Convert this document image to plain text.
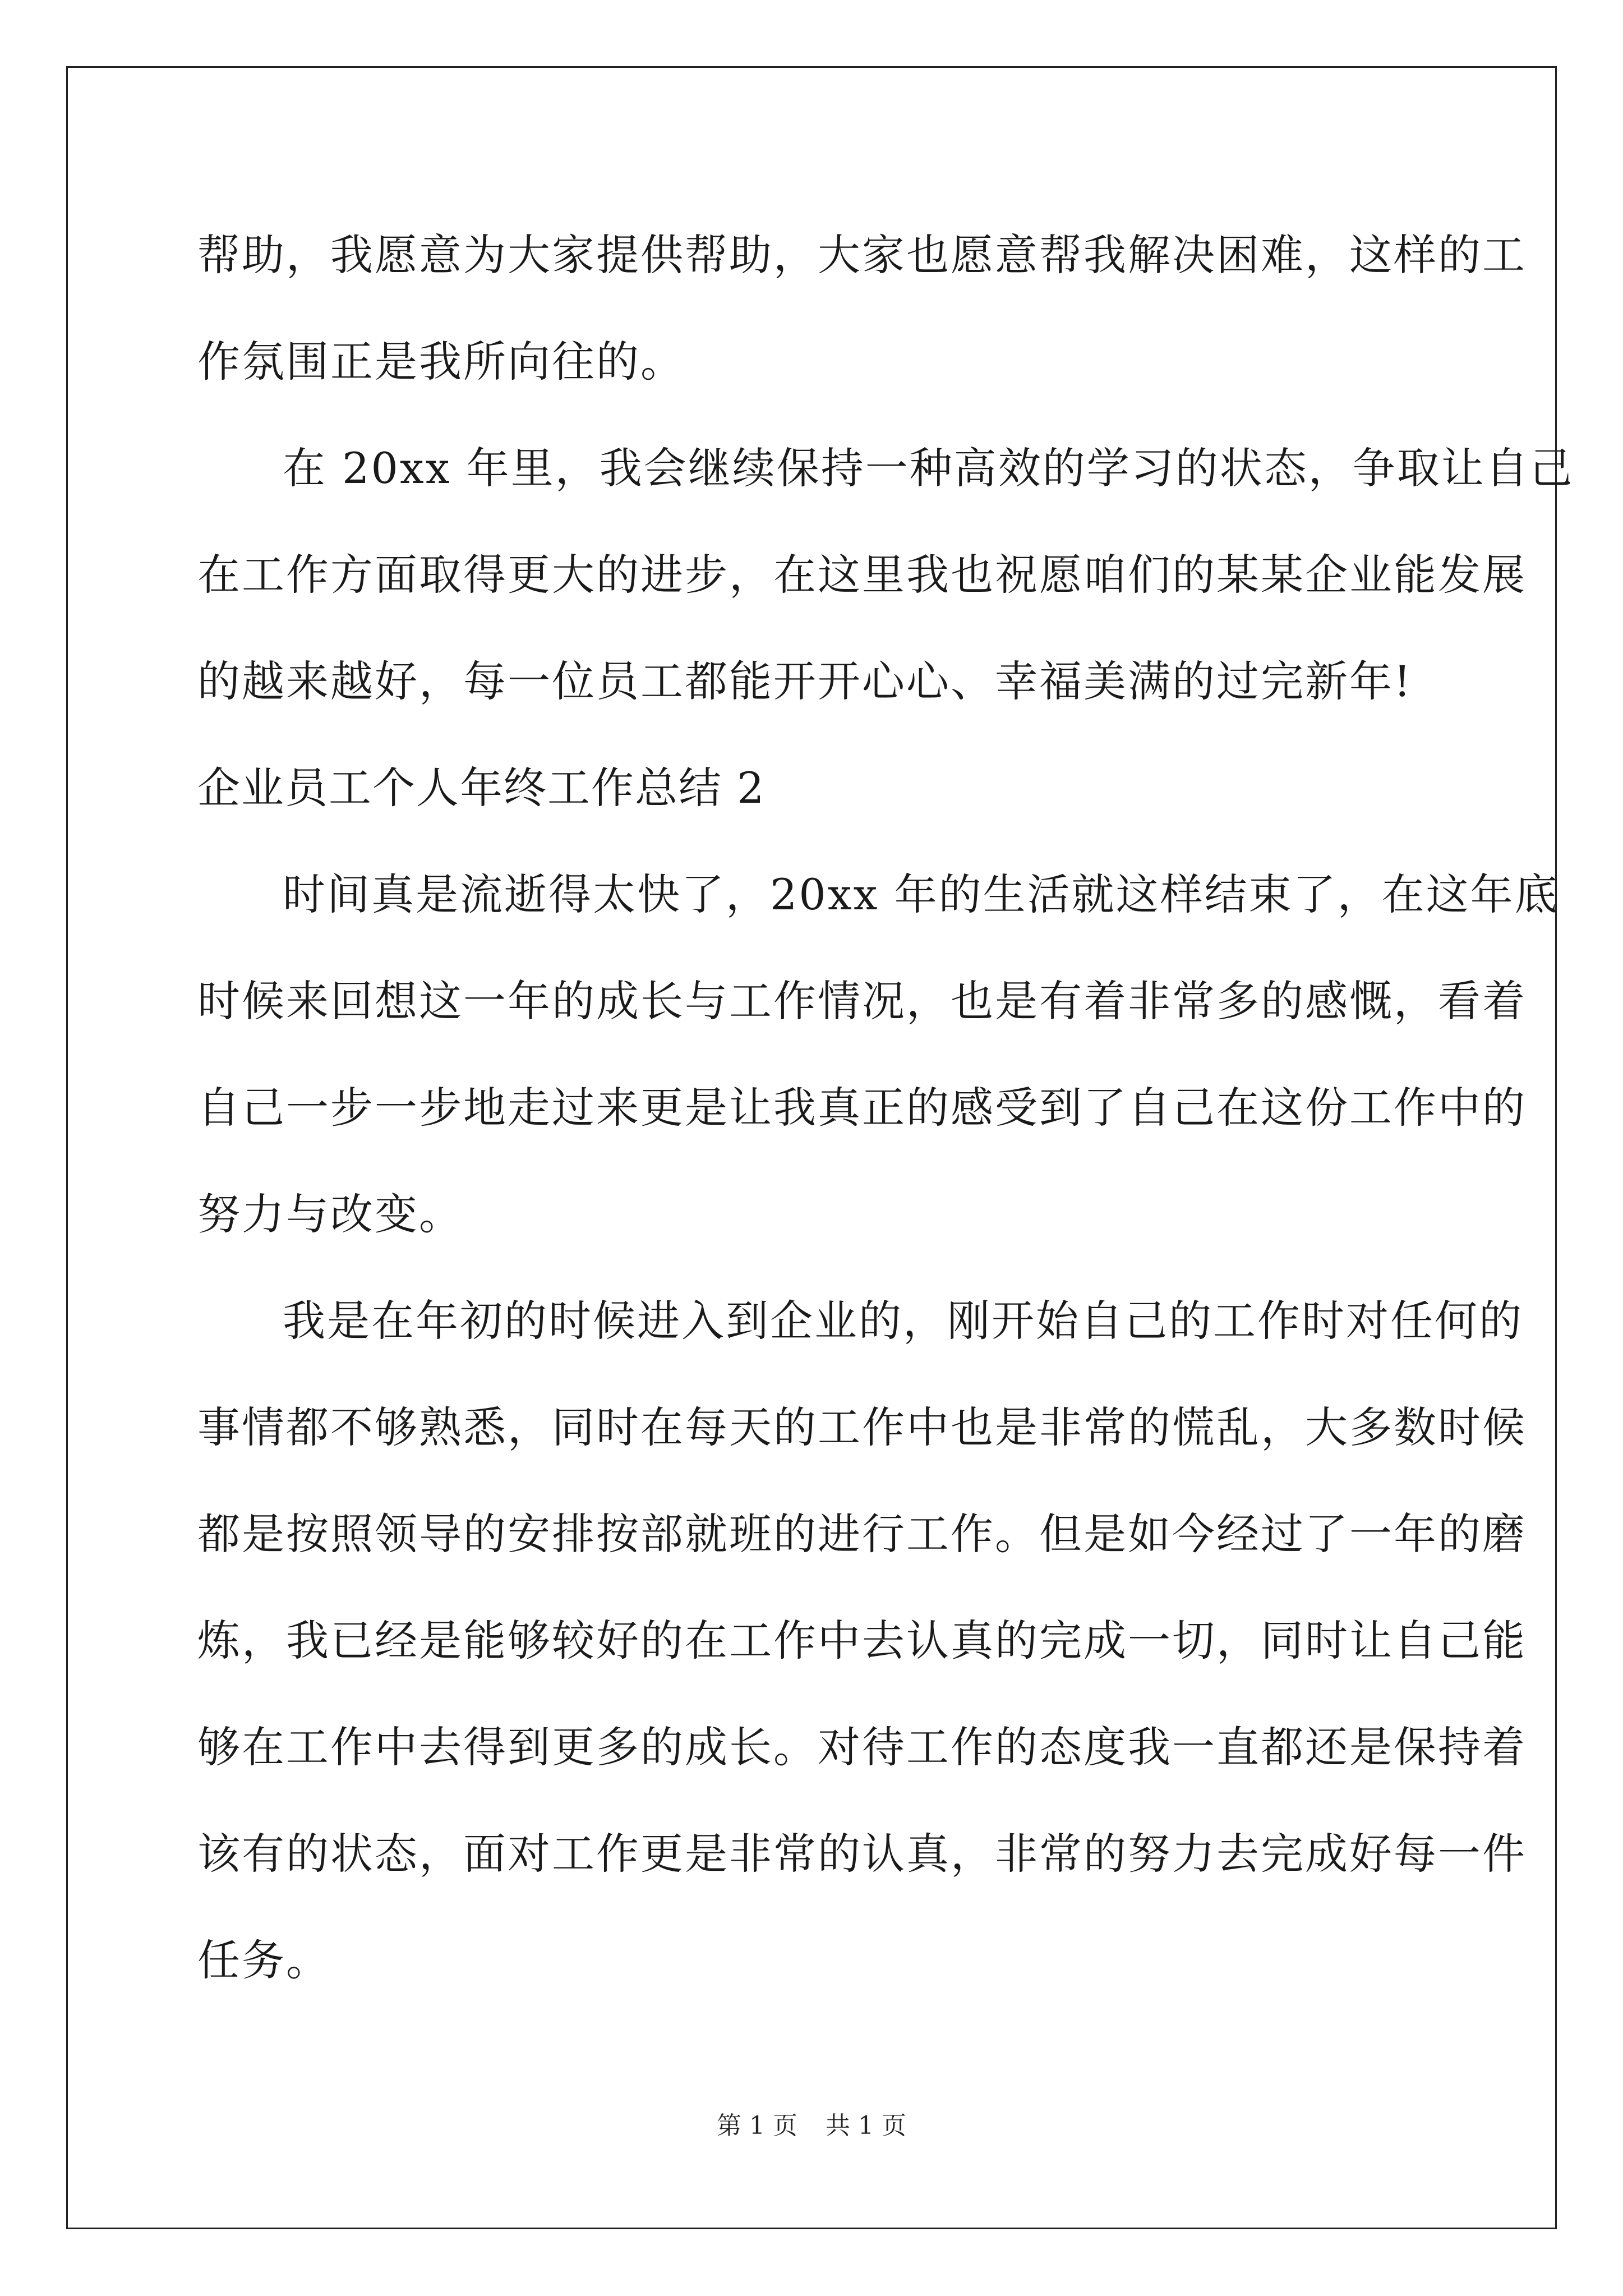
帮助，我愿意为大家提供帮助，大家也愿意帮我解决困难，这样的工
作氛围正是我所向往的。
在 20xx 年里，我会继续保持一种高效的学习的状态，争取让自己
在工作方面取得更大的进步，在这里我也祝愿咱们的某某企业能发展
的越来越好，每一位员工都能开开心心、幸福美满的过完新年!
企业员工个人年终工作总结 2
时间真是流逝得太快了，20xx 年的生活就这样结束了，在这年底
时候来回想这一年的成长与工作情况，也是有着非常多的感慨，看着
自己一步一步地走过来更是让我真正的感受到了自己在这份工作中的
努力与改变。
我是在年初的时候进入到企业的，刚开始自己的工作时对任何的
事情都不够熟悉，同时在每天的工作中也是非常的慌乱，大多数时候
都是按照领导的安排按部就班的进行工作。但是如今经过了一年的磨
炼，我已经是能够较好的在工作中去认真的完成一切，同时让自己能
够在工作中去得到更多的成长。对待工作的态度我一直都还是保持着
该有的状态，面对工作更是非常的认真，非常的努力去完成好每一件
任务。
第 1 页 共 1 页
